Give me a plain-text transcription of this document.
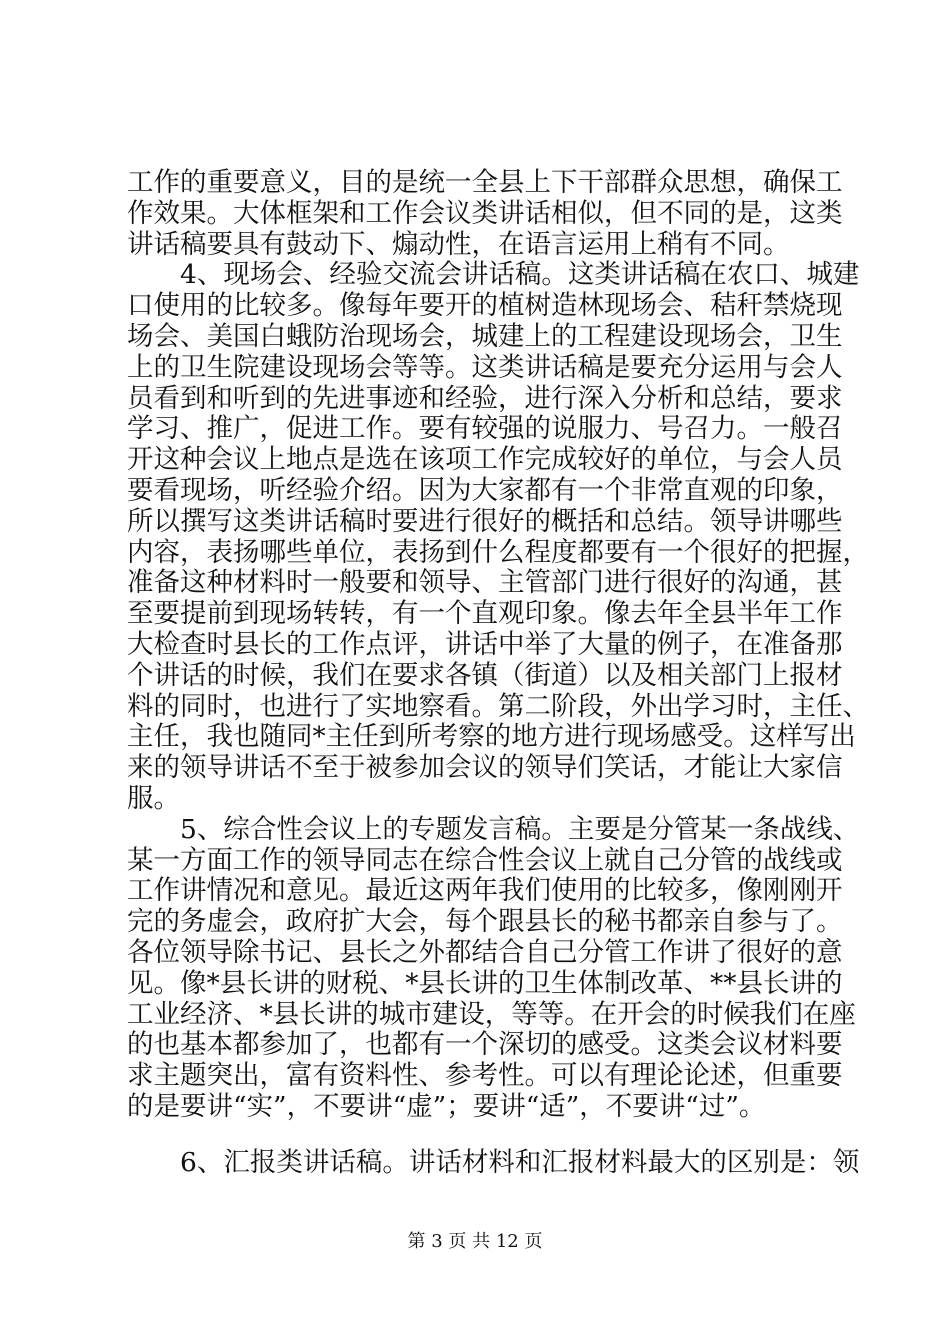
工作的重要意义，目的是统一全县上下干部群众思想，确保工
作效果。大体框架和工作会议类讲话相似，但不同的是，这类
讲话稿要具有鼓动下、煽动性，在语言运用上稍有不同。
4、现场会、经验交流会讲话稿。这类讲话稿在农口、城建
口使用的比较多。像每年要开的植树造林现场会、秸秆禁烧现
场会、美国白蛾防治现场会，城建上的工程建设现场会，卫生
上的卫生院建设现场会等等。这类讲话稿是要充分运用与会人
员看到和听到的先进事迹和经验，进行深入分析和总结，要求
学习、推广，促进工作。要有较强的说服力、号召力。一般召
开这种会议上地点是选在该项工作完成较好的单位，与会人员
要看现场，听经验介绍。因为大家都有一个非常直观的印象，
所以撰写这类讲话稿时要进行很好的概括和总结。领导讲哪些
内容，表扬哪些单位，表扬到什么程度都要有一个很好的把握，
准备这种材料时一般要和领导、主管部门进行很好的沟通，甚
至要提前到现场转转，有一个直观印象。像去年全县半年工作
大检查时县长的工作点评，讲话中举了大量的例子，在准备那
个讲话的时候，我们在要求各镇（街道）以及相关部门上报材
料的同时，也进行了实地察看。第二阶段，外出学习时，主任、
主任，我也随同*主任到所考察的地方进行现场感受。这样写出
来的领导讲话不至于被参加会议的领导们笑话，才能让大家信
服。
5、综合性会议上的专题发言稿。主要是分管某一条战线、
某一方面工作的领导同志在综合性会议上就自己分管的战线或
工作讲情况和意见。最近这两年我们使用的比较多，像刚刚开
完的务虚会，政府扩大会，每个跟县长的秘书都亲自参与了。
各位领导除书记、县长之外都结合自己分管工作讲了很好的意
见。像*县长讲的财税、*县长讲的卫生体制改革、**县长讲的
工业经济、*县长讲的城市建设，等等。在开会的时候我们在座
的也基本都参加了，也都有一个深切的感受。这类会议材料要
求主题突出，富有资料性、参考性。可以有理论论述，但重要
的是要讲“实”，不要讲“虚”；要讲“适”，不要讲“过”。
6、汇报类讲话稿。讲话材料和汇报材料最大的区别是：领
第 3 页 共 12 页
